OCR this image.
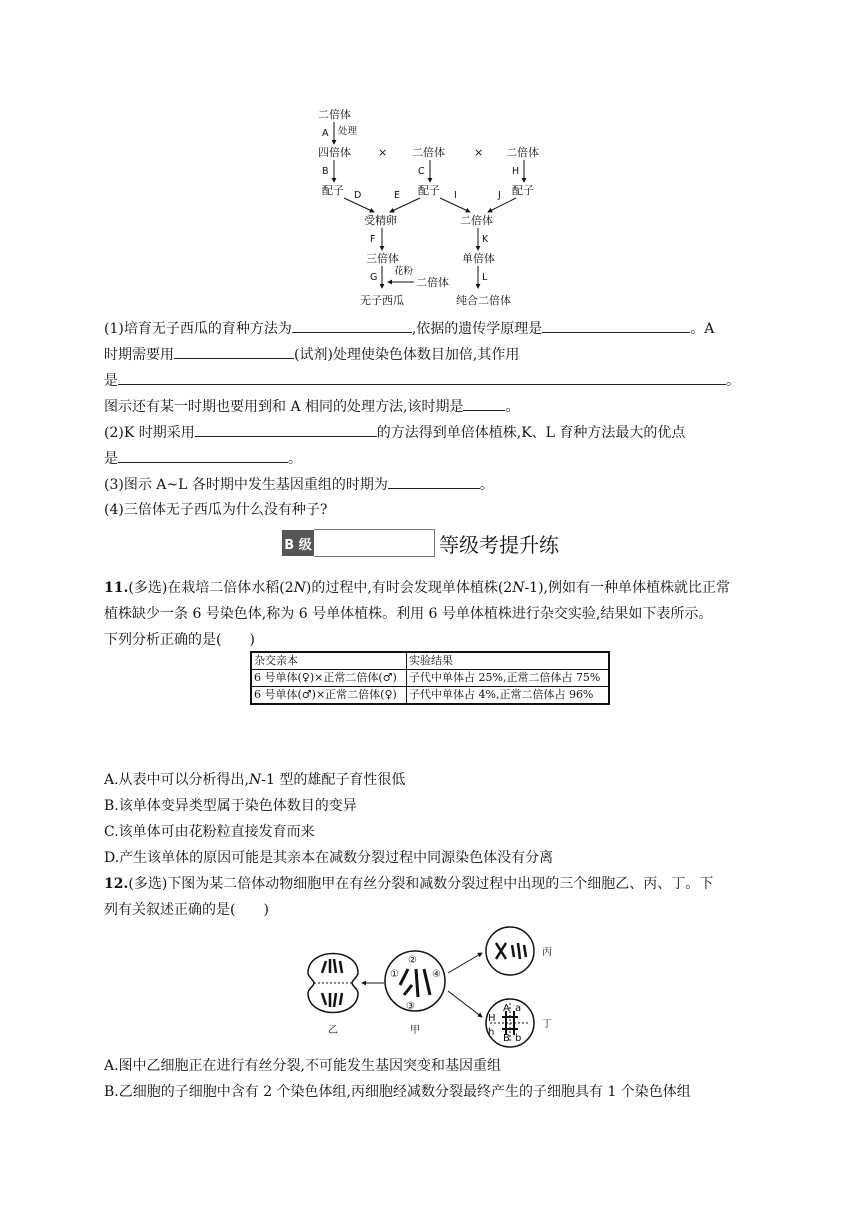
二倍体
A 处理
四倍体 × 二倍体	× 二倍体
B	C	H
配子	配子	配子
D	E	I	J
受精卵	二倍体
F	K
三倍体	单倍体
G
花粉
二倍体	L
无子西瓜	纯合二倍体
(1)培育无子西瓜的育种方法为	,依据的遗传学原理是	。A
时期需要用	(试剂)处理使染色体数目加倍,其作用
是	。
图示还有某一时期也要用到和 A 相同的处理方法,该时期是	。
(2)K 时期采用	的方法得到单倍体植株,K、L 育种方法最大的优点
是	。
(3)图示 A~L 各时期中发生基因重组的时期为	。
(4)三倍体无子西瓜为什么没有种子?
B 级	等级考提升练
11.(多选)在栽培二倍体水稻(2N)的过程中,有时会发现单体植株(2N-1),例如有一种单体植株就比正常
植株缺少一条 6 号染色体,称为 6 号单体植株。利用 6 号单体植株进行杂交实验,结果如下表所示。
下列分析正确的是(　　)
杂交亲本	实验结果
6 号单体(♀)×正常二倍体(♂)	子代中单体占 25%,正常二倍体占 75%
6 号单体(♂)×正常二倍体(♀)	子代中单体占 4%,正常二倍体占 96%
A.从表中可以分析得出,N-1 型的雄配子育性很低
B.该单体变异类型属于染色体数目的变异
C.该单体可由花粉粒直接发育而来
D.产生该单体的原因可能是其亲本在减数分裂过程中同源染色体没有分离
12.(多选)下图为某二倍体动物细胞甲在有丝分裂和减数分裂过程中出现的三个细胞乙、丙、丁。下
列有关叙述正确的是(　　)
乙
①
②
③
④
甲
丙
A a
H
h
B b
丁
A.图中乙细胞正在进行有丝分裂,不可能发生基因突变和基因重组
B.乙细胞的子细胞中含有 2 个染色体组,丙细胞经减数分裂最终产生的子细胞具有 1 个染色体组
